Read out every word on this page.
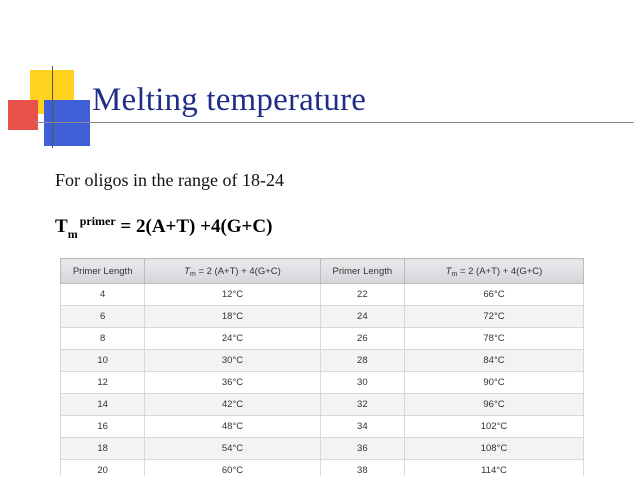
Melting temperature

For oligos in the range of 18-24

$T_m^{primer} = 2(A+T) +4(G+C)$

Primer Length	$T_m = 2$ (A+T) + 4(G+C)	Primer Length	$T_m = 2$ (A+T) + 4(G+C)
4	12°C	22	66°C
6	18°C	24	72°C
8	24°C	26	78°C
10	30°C	28	84°C
12	36°C	30	90°C
14	42°C	32	96°C
16	48°C	34	102°C
18	54°C	36	108°C
20	60°C	38	114°C
